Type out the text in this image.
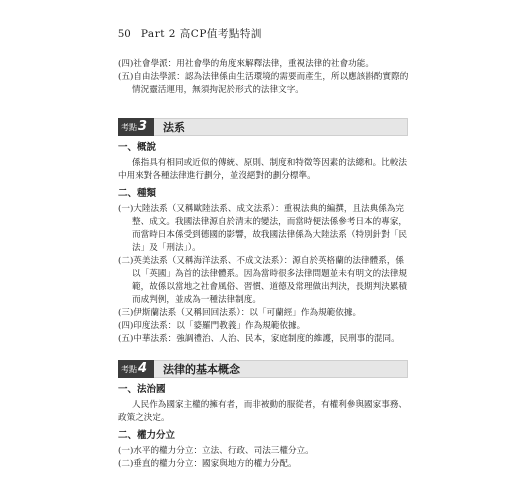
50 Part 2 高CP值考點特訓
(四)社會學派：用社會學的角度來解釋法律，重視法律的社會功能。
(五)自由法學派：認為法律係由生活環境的需要而產生，所以應該斟酌實際的
情況靈活運用，無須拘泥於形式的法律文字。
考點3	法系
一、概說
係指具有相同或近似的傳統、原則、制度和特徵等因素的法總和。比較法
中用來對各種法律進行劃分，並沒絕對的劃分標準。
二、種類
(一)大陸法系（又稱歐陸法系、成文法系）：重視法典的編撰，且法典係為完
整、成文。我國法律源自於清末的變法，而當時便法係參考日本的專家，
而當時日本係受到德國的影響，故我國法律係為大陸法系（特別針對「民
法」及「刑法」）。
(二)英美法系（又稱海洋法系、不成文法系）：源自於英格蘭的法律體系，係
以「英國」為首的法律體系。因為當時很多法律問題並未有明文的法律規
範，故係以當地之社會風俗、習慣、道德及常理做出判決，長期判決累積
而成判例，並成為一種法律制度。
(三)伊斯蘭法系（又稱回回法系）：以「可蘭經」作為規範依據。
(四)印度法系：以「婆羅門教義」作為規範依據。
(五)中華法系：強調禮治、人治、民本，家庭制度的維護，民刑事的混同。
考點4	法律的基本概念
一、法治國
人民作為國家主權的擁有者，而非被動的服從者，有權利參與國家事務、
政策之決定。
二、權力分立
(一)水平的權力分立：立法、行政、司法三權分立。
(二)垂直的權力分立：國家與地方的權力分配。
